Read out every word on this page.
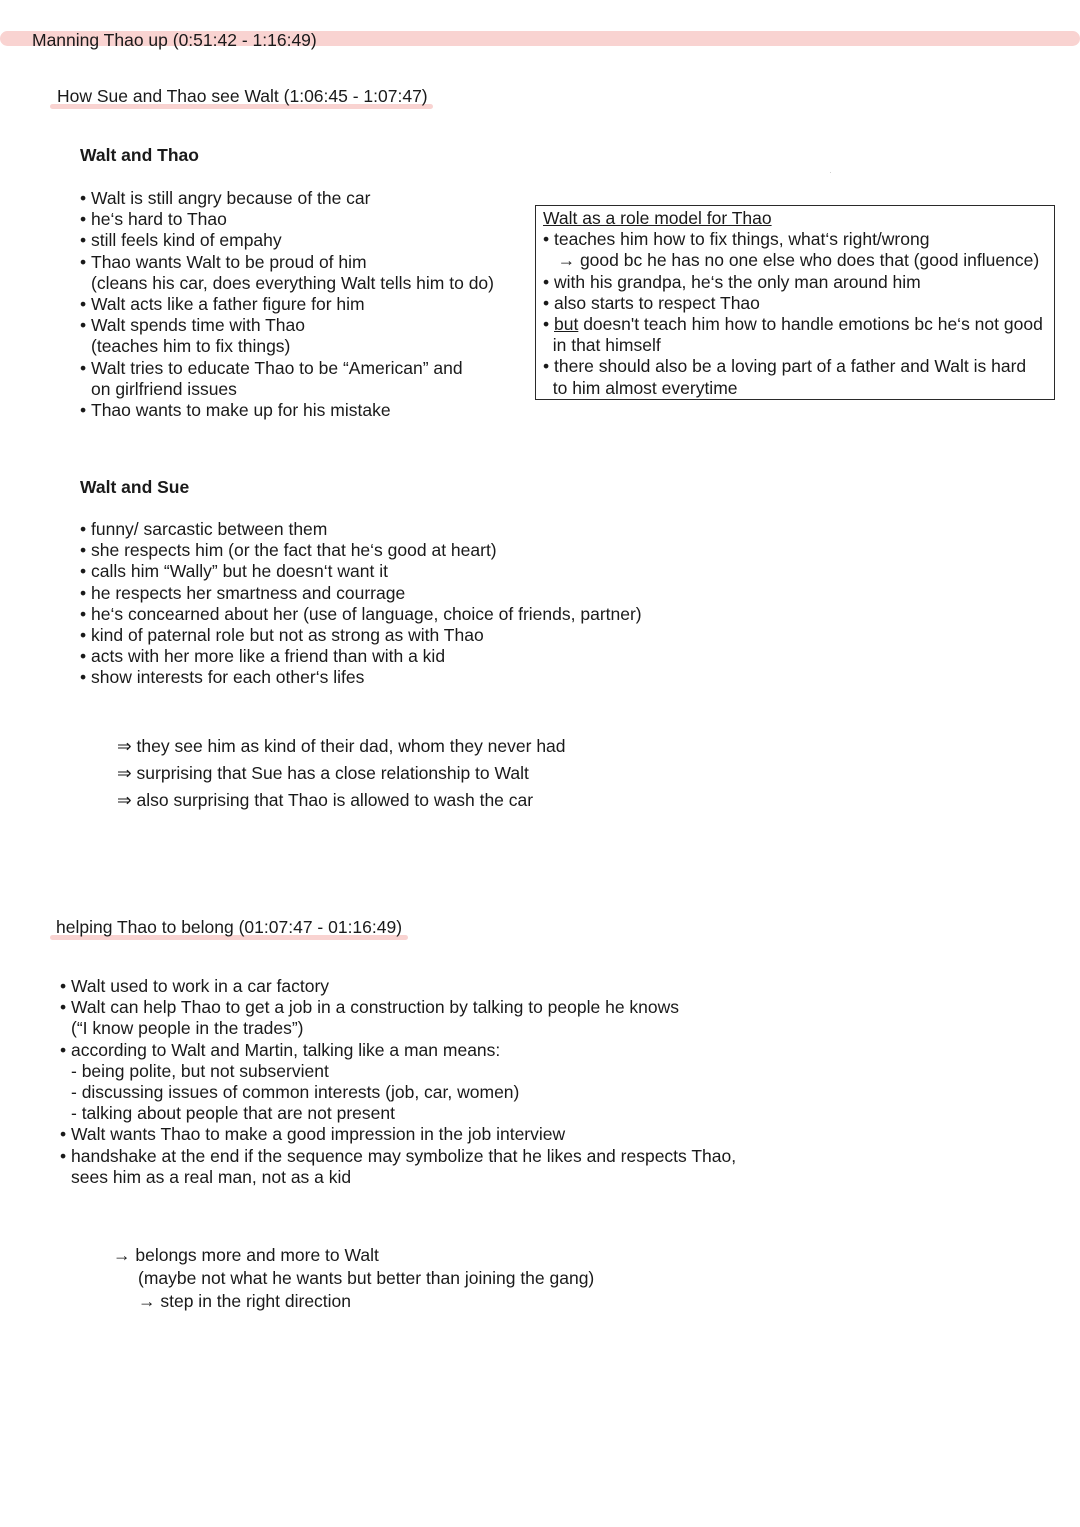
Manning Thao up (0:51:42 - 1:16:49)
How Sue and Thao see Walt (1:06:45 - 1:07:47)
Walt and Thao
• Walt is still angry because of the car
• he‘s hard to Thao
• still feels kind of empahy
• Thao wants Walt to be proud of him
(cleans his car, does everything Walt tells him to do)
• Walt acts like a father figure for him
• Walt spends time with Thao
(teaches him to fix things)
• Walt tries to educate Thao to be “American” and
on girlfriend issues
• Thao wants to make up for his mistake
Walt as a role model for Thao
• teaches him how to fix things, what‘s right/wrong
→ good bc he has no one else who does that (good influence)
• with his grandpa, he‘s the only man around him
• also starts to respect Thao
• but doesn't teach him how to handle emotions bc he‘s not good
in that himself
• there should also be a loving part of a father and Walt is hard
to him almost everytime
·
Walt and Sue
• funny/ sarcastic between them
• she respects him (or the fact that he‘s good at heart)
• calls him “Wally” but he doesn‘t want it
• he respects her smartness and courrage
• he‘s concearned about her (use of language, choice of friends, partner)
• kind of paternal role but not as strong as with Thao
• acts with her more like a friend than with a kid
• show interests for each other‘s lifes
⇒ they see him as kind of their dad, whom they never had
⇒ surprising that Sue has a close relationship to Walt
⇒ also surprising that Thao is allowed to wash the car
helping Thao to belong (01:07:47 - 01:16:49)
• Walt used to work in a car factory
• Walt can help Thao to get a job in a construction by talking to people he knows
(“I know people in the trades”)
• according to Walt and Martin, talking like a man means:
- being polite, but not subservient
- discussing issues of common interests (job, car, women)
- talking about people that are not present
• Walt wants Thao to make a good impression in the job interview
• handshake at the end if the sequence may symbolize that he likes and respects Thao,
sees him as a real man, not as a kid
→ belongs more and more to Walt
(maybe not what he wants but better than joining the gang)
→ step in the right direction
